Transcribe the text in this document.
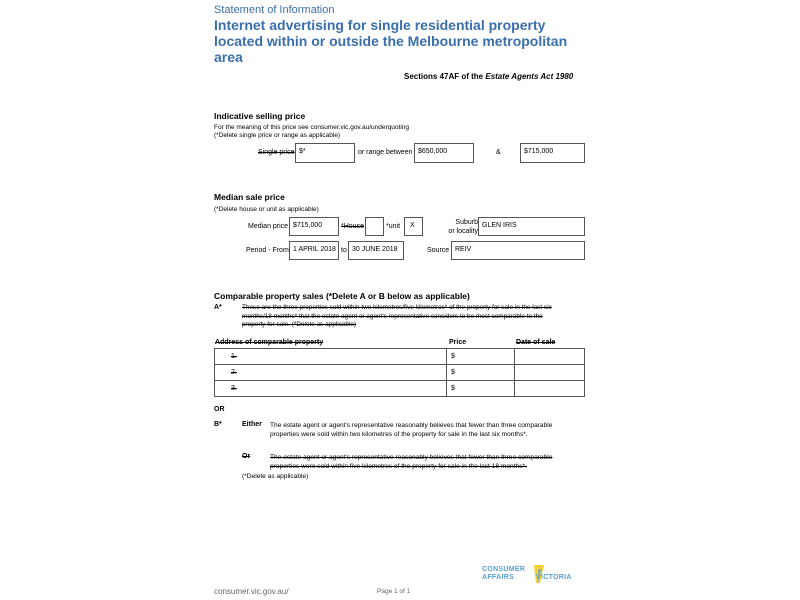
Statement of Information
Internet advertising for single residential property located within or outside the Melbourne metropolitan area
Sections 47AF of the Estate Agents Act 1980
Indicative selling price
For the meaning of this price see consumer.vic.gov.au/underquoting
(*Delete single price or range as applicable)
Single price $*	or range between $650,000	&	$715,000
Median sale price
(*Delete house or unit as applicable)
Median price $715,000	*House	*unit	X	Suburb
or locality
GLEN IRIS
Period - From 1 APRIL 2018 to 30 JUNE 2018	Source REIV
Comparable property sales (*Delete A or B below as applicable)
A*	These are the three properties sold within two kilometres/five kilometres* of the property for sale in the last six
months/18 months* that the estate agent or agent's representative considers to be most comparable to the
property for sale. (*Delete as applicable)
Address of comparable property	Price	Date of sale
1.	$	
2.	$	
3.	$	
OR
B*	Either The estate agent or agent's representative reasonably believes that fewer than three comparable
properties were sold within two kilometres of the property for sale in the last six months*.
Or	The estate agent or agent's representative reasonably believes that fewer than three comparable
properties were sold within five kilometres of the property for sale in the last 18 months*.
(*Delete as applicable)
CONSUMER
AFFAIRS	VICTORIA
consumer.vic.gov.au/	Page 1 of 1
